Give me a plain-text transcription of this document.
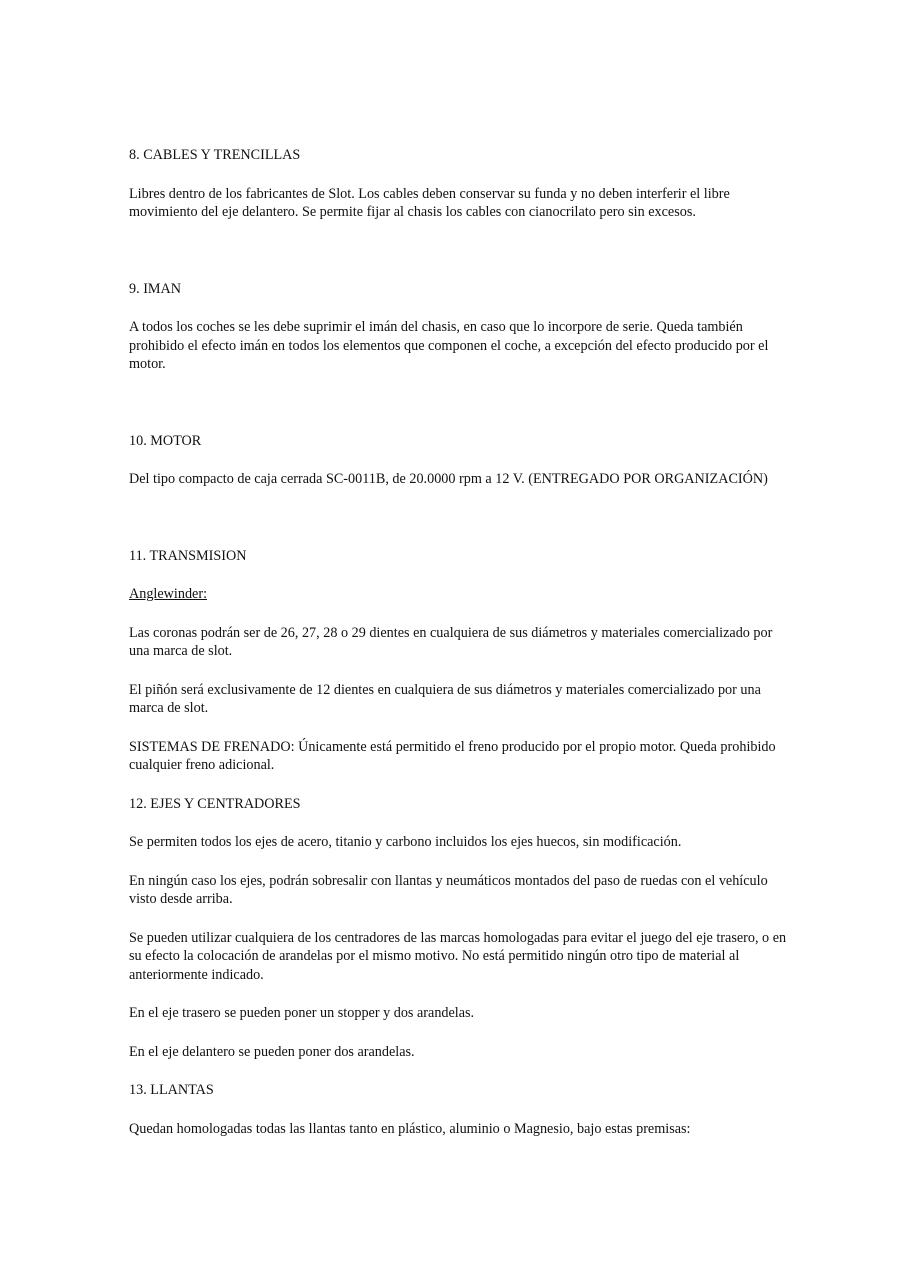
8. CABLES Y TRENCILLAS

Libres dentro de los fabricantes de Slot. Los cables deben conservar su funda y no deben interferir el libre movimiento del eje delantero. Se permite fijar al chasis los cables con cianocrilato pero sin excesos.

9. IMAN

A todos los coches se les debe suprimir el imán del chasis, en caso que lo incorpore de serie. Queda también prohibido el efecto imán en todos los elementos que componen el coche, a excepción del efecto producido por el motor.

10. MOTOR

Del tipo compacto de caja cerrada SC-0011B, de 20.0000 rpm a 12 V. (ENTREGADO POR ORGANIZACIÓN)

11. TRANSMISION

Anglewinder:

Las coronas podrán ser de 26, 27, 28 o 29 dientes en cualquiera de sus diámetros y materiales comercializado por una marca de slot.

El piñón será exclusivamente de 12 dientes en cualquiera de sus diámetros y materiales comercializado por una marca de slot.

SISTEMAS DE FRENADO: Únicamente está permitido el freno producido por el propio motor. Queda prohibido cualquier freno adicional.

12. EJES Y CENTRADORES

Se permiten todos los ejes de acero, titanio y carbono incluidos los ejes huecos, sin modificación.

En ningún caso los ejes, podrán sobresalir con llantas y neumáticos montados del paso de ruedas con el vehículo visto desde arriba.

Se pueden utilizar cualquiera de los centradores de las marcas homologadas para evitar el juego del eje trasero, o en su efecto la colocación de arandelas por el mismo motivo. No está permitido ningún otro tipo de material al anteriormente indicado.

En el eje trasero se pueden poner un stopper y dos arandelas.

En el eje delantero se pueden poner dos arandelas.

13. LLANTAS

Quedan homologadas todas las llantas tanto en plástico, aluminio o Magnesio, bajo estas premisas:
